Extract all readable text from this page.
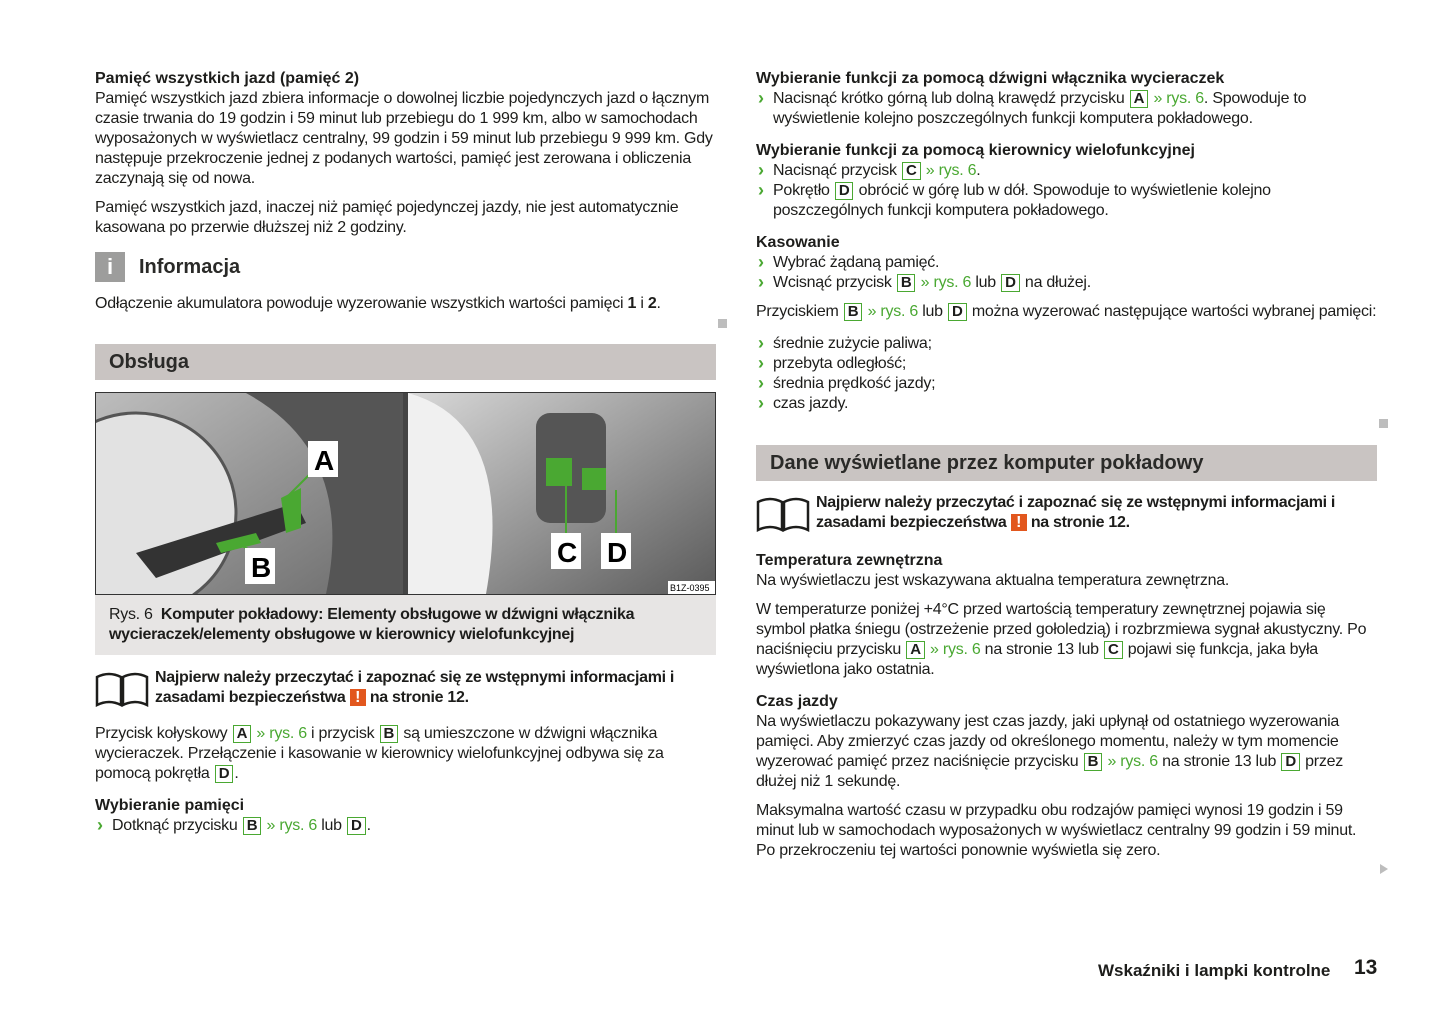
Pamięć wszystkich jazd (pamięć 2)

Pamięć wszystkich jazd zbiera informacje o dowolnej liczbie pojedynczych jazd o łącznym czasie trwania do 19 godzin i 59 minut lub przebiegu do 1 999 km, albo w samochodach wyposażonych w wyświetlacz centralny, 99 godzin i 59 minut lub przebiegu 9 999 km. Gdy następuje przekroczenie jednej z podanych wartości, pamięć jest zerowana i obliczenia zaczynają się od nowa.

Pamięć wszystkich jazd, inaczej niż pamięć pojedynczej jazdy, nie jest automatycznie kasowana po przerwie dłuższej niż 2 godziny.

i	Informacja

Odłączenie akumulatora powoduje wyzerowanie wszystkich wartości pamięci 1 i 2.

Obsługa
A
B	C D
B1Z-0395
Rys. 6 Komputer pokładowy: Elementy obsługowe w dźwigni włącznika wycieraczek/elementy obsługowe w kierownicy wielofunkcyjnej
Najpierw należy przeczytać i zapoznać się ze wstępnymi informacjami i zasadami bezpieczeństwa ! na stronie 12.

Przycisk kołyskowy A » rys. 6 i przycisk B są umieszczone w dźwigni włącznika wycieraczek. Przełączenie i kasowanie w kierownicy wielofunkcyjnej odbywa się za pomocą pokrętła D .

Wybieranie pamięci
› Dotknąć przycisku B » rys. 6 lub D .
Wybieranie funkcji za pomocą dźwigni włącznika wycieraczek
› Nacisnąć krótko górną lub dolną krawędź przycisku A » rys. 6. Spowoduje to wyświetlenie kolejno poszczególnych funkcji komputera pokładowego.
Wybieranie funkcji za pomocą kierownicy wielofunkcyjnej
› Nacisnąć przycisk C » rys. 6.
› Pokrętło D obrócić w górę lub w dół. Spowoduje to wyświetlenie kolejno poszczególnych funkcji komputera pokładowego.
Kasowanie
› Wybrać żądaną pamięć.
› Wcisnąć przycisk B » rys. 6 lub D na dłużej.

Przyciskiem B » rys. 6 lub D można wyzerować następujące wartości wybranej pamięci:

› średnie zużycie paliwa;
› przebyta odległość;
› średnia prędkość jazdy;
› czas jazdy.
Dane wyświetlane przez komputer pokładowy
Najpierw należy przeczytać i zapoznać się ze wstępnymi informacjami i zasadami bezpieczeństwa ! na stronie 12.
Temperatura zewnętrzna

Na wyświetlaczu jest wskazywana aktualna temperatura zewnętrzna.

W temperaturze poniżej +4°C przed wartością temperatury zewnętrznej pojawia się symbol płatka śniegu (ostrzeżenie przed gołoledzią) i rozbrzmiewa sygnał akustyczny. Po naciśnięciu przycisku A » rys. 6 na stronie 13 lub C pojawi się funkcja, jaka była wyświetlona jako ostatnia.

Czas jazdy

Na wyświetlaczu pokazywany jest czas jazdy, jaki upłynął od ostatniego wyzerowania pamięci. Aby zmierzyć czas jazdy od określonego momentu, należy w tym momencie wyzerować pamięć przez naciśnięcie przycisku B » rys. 6 na stronie 13 lub D przez dłużej niż 1 sekundę.

Maksymalna wartość czasu w przypadku obu rodzajów pamięci wynosi 19 godzin i 59 minut lub w samochodach wyposażonych w wyświetlacz centralny 99 godzin i 59 minut. Po przekroczeniu tej wartości ponownie wyświetla się zero.

Wskaźniki i lampki kontrolne 13
